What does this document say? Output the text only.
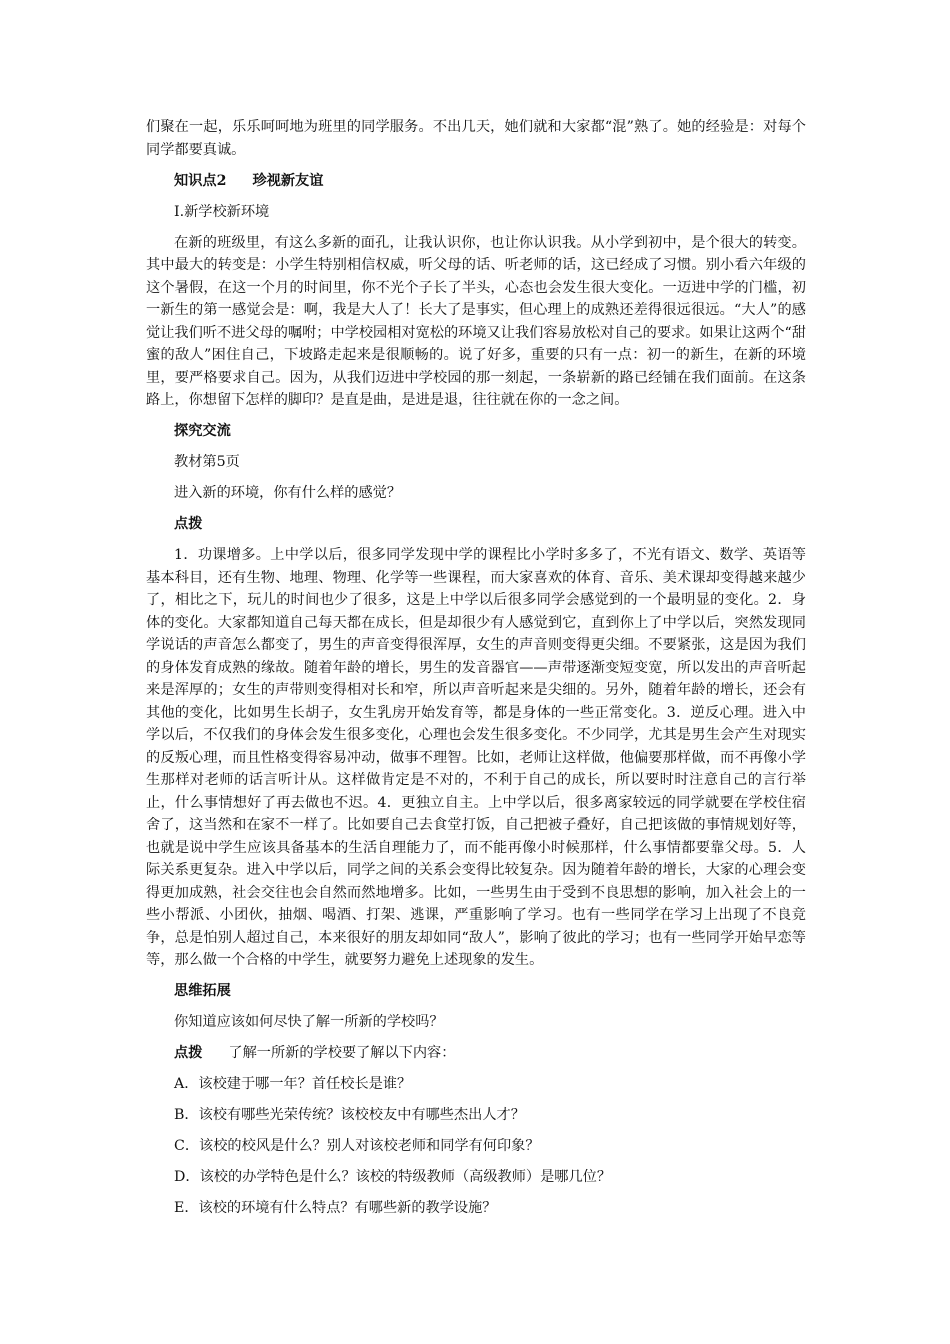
们聚在一起，乐乐呵呵地为班里的同学服务。不出几天，她们就和大家都“混”熟了。她的经验是：对每个同学都要真诚。

知识点2 珍视新友谊

Ⅰ.新学校新环境

在新的班级里，有这么多新的面孔，让我认识你，也让你认识我。从小学到初中，是个很大的转变。其中最大的转变是：小学生特别相信权威，听父母的话、听老师的话，这已经成了习惯。别小看六年级的这个暑假，在这一个月的时间里，你不光个子长了半头，心态也会发生很大变化。一迈进中学的门槛，初一新生的第一感觉会是：啊，我是大人了！长大了是事实，但心理上的成熟还差得很远很远。“大人”的感觉让我们听不进父母的嘱咐；中学校园相对宽松的环境又让我们容易放松对自己的要求。如果让这两个“甜蜜的敌人”困住自己，下坡路走起来是很顺畅的。说了好多，重要的只有一点：初一的新生，在新的环境里，要严格要求自己。因为，从我们迈进中学校园的那一刻起，一条崭新的路已经铺在我们面前。在这条路上，你想留下怎样的脚印？是直是曲，是进是退，往往就在你的一念之间。

探究交流

教材第5页

进入新的环境，你有什么样的感觉？

点拨

1．功课增多。上中学以后，很多同学发现中学的课程比小学时多多了，不光有语文、数学、英语等基本科目，还有生物、地理、物理、化学等一些课程，而大家喜欢的体育、音乐、美术课却变得越来越少了，相比之下，玩儿的时间也少了很多，这是上中学以后很多同学会感觉到的一个最明显的变化。2．身体的变化。大家都知道自己每天都在成长，但是却很少有人感觉到它，直到你上了中学以后，突然发现同学说话的声音怎么都变了，男生的声音变得很浑厚，女生的声音则变得更尖细。不要紧张，这是因为我们的身体发育成熟的缘故。随着年龄的增长，男生的发音器官——声带逐渐变短变宽，所以发出的声音听起来是浑厚的；女生的声带则变得相对长和窄，所以声音听起来是尖细的。另外，随着年龄的增长，还会有其他的变化，比如男生长胡子，女生乳房开始发育等，都是身体的一些正常变化。3．逆反心理。进入中学以后，不仅我们的身体会发生很多变化，心理也会发生很多变化。不少同学，尤其是男生会产生对现实的反叛心理，而且性格变得容易冲动，做事不理智。比如，老师让这样做，他偏要那样做，而不再像小学生那样对老师的话言听计从。这样做肯定是不对的，不利于自己的成长，所以要时时注意自己的言行举止，什么事情想好了再去做也不迟。4．更独立自主。上中学以后，很多离家较远的同学就要在学校住宿舍了，这当然和在家不一样了。比如要自己去食堂打饭，自己把被子叠好，自己把该做的事情规划好等，也就是说中学生应该具备基本的生活自理能力了，而不能再像小时候那样，什么事情都要靠父母。5．人际关系更复杂。进入中学以后，同学之间的关系会变得比较复杂。因为随着年龄的增长，大家的心理会变得更加成熟，社会交往也会自然而然地增多。比如，一些男生由于受到不良思想的影响，加入社会上的一些小帮派、小团伙，抽烟、喝酒、打架、逃课，严重影响了学习。也有一些同学在学习上出现了不良竞争，总是怕别人超过自己，本来很好的朋友却如同“敌人”，影响了彼此的学习；也有一些同学开始早恋等等，那么做一个合格的中学生，就要努力避免上述现象的发生。

思维拓展

你知道应该如何尽快了解一所新的学校吗？

点拨 了解一所新的学校要了解以下内容：

A．该校建于哪一年？首任校长是谁？

B．该校有哪些光荣传统？该校校友中有哪些杰出人才？

C．该校的校风是什么？别人对该校老师和同学有何印象？

D．该校的办学特色是什么？该校的特级教师（高级教师）是哪几位？

E．该校的环境有什么特点？有哪些新的教学设施？
